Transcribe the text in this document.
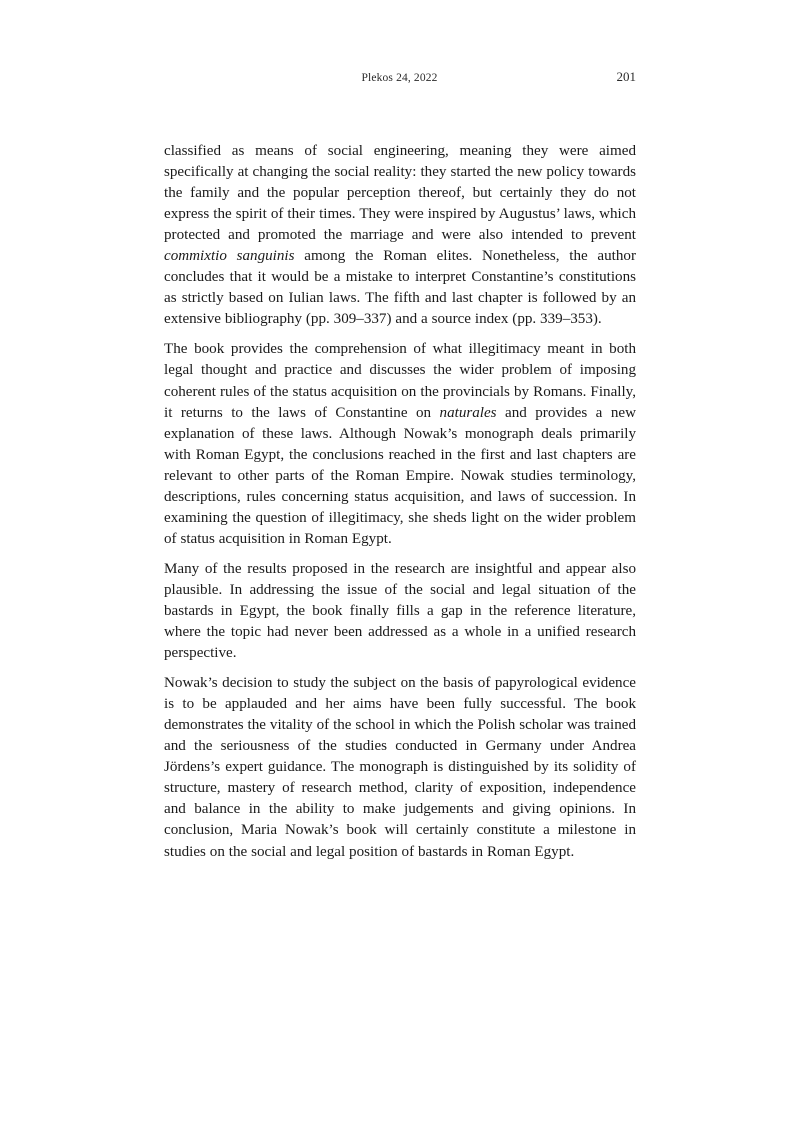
Plekos 24, 2022	201

classified as means of social engineering, meaning they were aimed specifically at changing the social reality: they started the new policy towards the family and the popular perception thereof, but certainly they do not express the spirit of their times. They were inspired by Augustus’ laws, which protected and promoted the marriage and were also intended to prevent commixtio sanguinis among the Roman elites. Nonetheless, the author concludes that it would be a mistake to interpret Constantine’s constitutions as strictly based on Iulian laws. The fifth and last chapter is followed by an extensive bibliography (pp. 309–337) and a source index (pp. 339–353).

The book provides the comprehension of what illegitimacy meant in both legal thought and practice and discusses the wider problem of imposing coherent rules of the status acquisition on the provincials by Romans. Finally, it returns to the laws of Constantine on naturales and provides a new explanation of these laws. Although Nowak’s monograph deals primarily with Roman Egypt, the conclusions reached in the first and last chapters are relevant to other parts of the Roman Empire. Nowak studies terminology, descriptions, rules concerning status acquisition, and laws of succession. In examining the question of illegitimacy, she sheds light on the wider problem of status acquisition in Roman Egypt.

Many of the results proposed in the research are insightful and appear also plausible. In addressing the issue of the social and legal situation of the bastards in Egypt, the book finally fills a gap in the reference literature, where the topic had never been addressed as a whole in a unified research perspective.

Nowak’s decision to study the subject on the basis of papyrological evidence is to be applauded and her aims have been fully successful. The book demonstrates the vitality of the school in which the Polish scholar was trained and the seriousness of the studies conducted in Germany under Andrea Jördens’s expert guidance. The monograph is distinguished by its solidity of structure, mastery of research method, clarity of exposition, independence and balance in the ability to make judgements and giving opinions. In conclusion, Maria Nowak’s book will certainly constitute a milestone in studies on the social and legal position of bastards in Roman Egypt.
